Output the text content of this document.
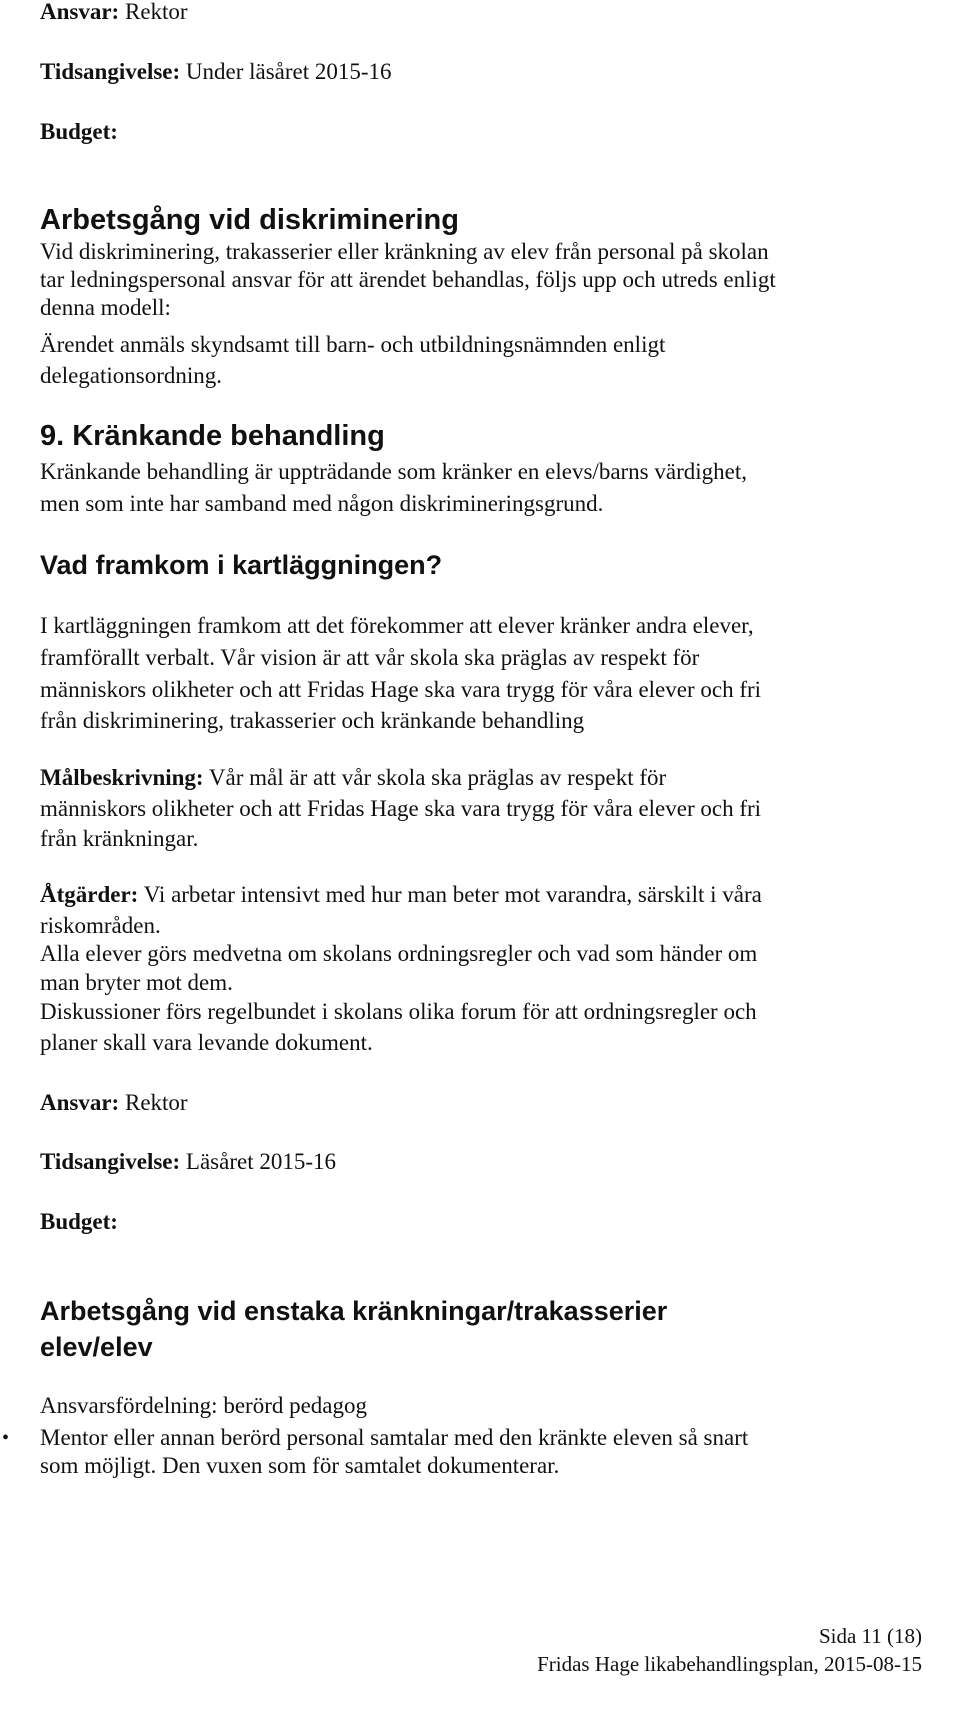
Ansvar: Rektor
Tidsangivelse: Under läsåret 2015-16
Budget:
Arbetsgång vid diskriminering
Vid diskriminering, trakasserier eller kränkning av elev från personal på skolan
tar ledningspersonal ansvar för att ärendet behandlas, följs upp och utreds enligt
denna modell:
Ärendet anmäls skyndsamt till barn- och utbildningsnämnden enligt
delegationsordning.
9. Kränkande behandling
Kränkande behandling är uppträdande som kränker en elevs/barns värdighet,
men som inte har samband med någon diskrimineringsgrund.
Vad framkom i kartläggningen?
I kartläggningen framkom att det förekommer att elever kränker andra elever,
framförallt verbalt. Vår vision är att vår skola ska präglas av respekt för
människors olikheter och att Fridas Hage ska vara trygg för våra elever och fri
från diskriminering, trakasserier och kränkande behandling
Målbeskrivning: Vår mål är att vår skola ska präglas av respekt för
människors olikheter och att Fridas Hage ska vara trygg för våra elever och fri
från kränkningar.
Åtgärder: Vi arbetar intensivt med hur man beter mot varandra, särskilt i våra
riskområden.
Alla elever görs medvetna om skolans ordningsregler och vad som händer om
man bryter mot dem.
Diskussioner förs regelbundet i skolans olika forum för att ordningsregler och
planer skall vara levande dokument.
Ansvar: Rektor
Tidsangivelse: Läsåret 2015-16
Budget:
Arbetsgång vid enstaka kränkningar/trakasserier
elev/elev
Ansvarsfördelning: berörd pedagog
• Mentor eller annan berörd personal samtalar med den kränkte eleven så snart
som möjligt. Den vuxen som för samtalet dokumenterar.
Sida 11 (18)
Fridas Hage likabehandlingsplan, 2015-08-15
